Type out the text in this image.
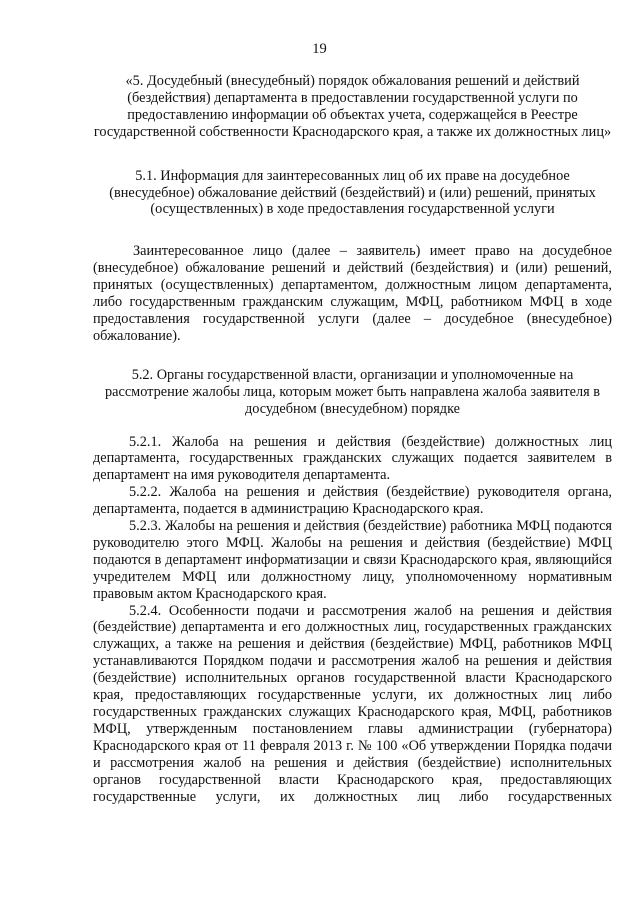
19

«5. Досудебный (внесудебный) порядок обжалования решений и действий (бездействия) департамента в предоставлении государственной услуги по предоставлению информации об объектах учета, содержащейся в Реестре государственной собственности Краснодарского края, а также их должностных лиц»

5.1. Информация для заинтересованных лиц об их праве на досудебное (внесудебное) обжалование действий (бездействий) и (или) решений, принятых (осуществленных) в ходе предоставления государственной услуги

Заинтересованное лицо (далее – заявитель) имеет право на досудебное (внесудебное) обжалование решений и действий (бездействия) и (или) решений, принятых (осуществленных) департаментом, должностным лицом департамента, либо государственным гражданским служащим, МФЦ, работником МФЦ в ходе предоставления государственной услуги (далее – досудебное (внесудебное) обжалование).

5.2. Органы государственной власти, организации и уполномоченные на рассмотрение жалобы лица, которым может быть направлена жалоба заявителя в досудебном (внесудебном) порядке

5.2.1. Жалоба на решения и действия (бездействие) должностных лиц департамента, государственных гражданских служащих подается заявителем в департамент на имя руководителя департамента.

5.2.2. Жалоба на решения и действия (бездействие) руководителя органа, департамента, подается в администрацию Краснодарского края.

5.2.3. Жалобы на решения и действия (бездействие) работника МФЦ подаются руководителю этого МФЦ. Жалобы на решения и действия (бездействие) МФЦ подаются в департамент информатизации и связи Краснодарского края, являющийся учредителем МФЦ или должностному лицу, уполномоченному нормативным правовым актом Краснодарского края.

5.2.4. Особенности подачи и рассмотрения жалоб на решения и действия (бездействие) департамента и его должностных лиц, государственных гражданских служащих, а также на решения и действия (бездействие) МФЦ, работников МФЦ устанавливаются Порядком подачи и рассмотрения жалоб на решения и действия (бездействие) исполнительных органов государственной власти Краснодарского края, предоставляющих государственные услуги, их должностных лиц либо государственных гражданских служащих Краснодарского края, МФЦ, работников МФЦ, утвержденным постановлением главы администрации (губернатора) Краснодарского края от 11 февраля 2013 г. № 100 «Об утверждении Порядка подачи и рассмотрения жалоб на решения и действия (бездействие) исполнительных органов государственной власти Краснодарского края, предоставляющих государственные услуги, их должностных лиц либо государственных
